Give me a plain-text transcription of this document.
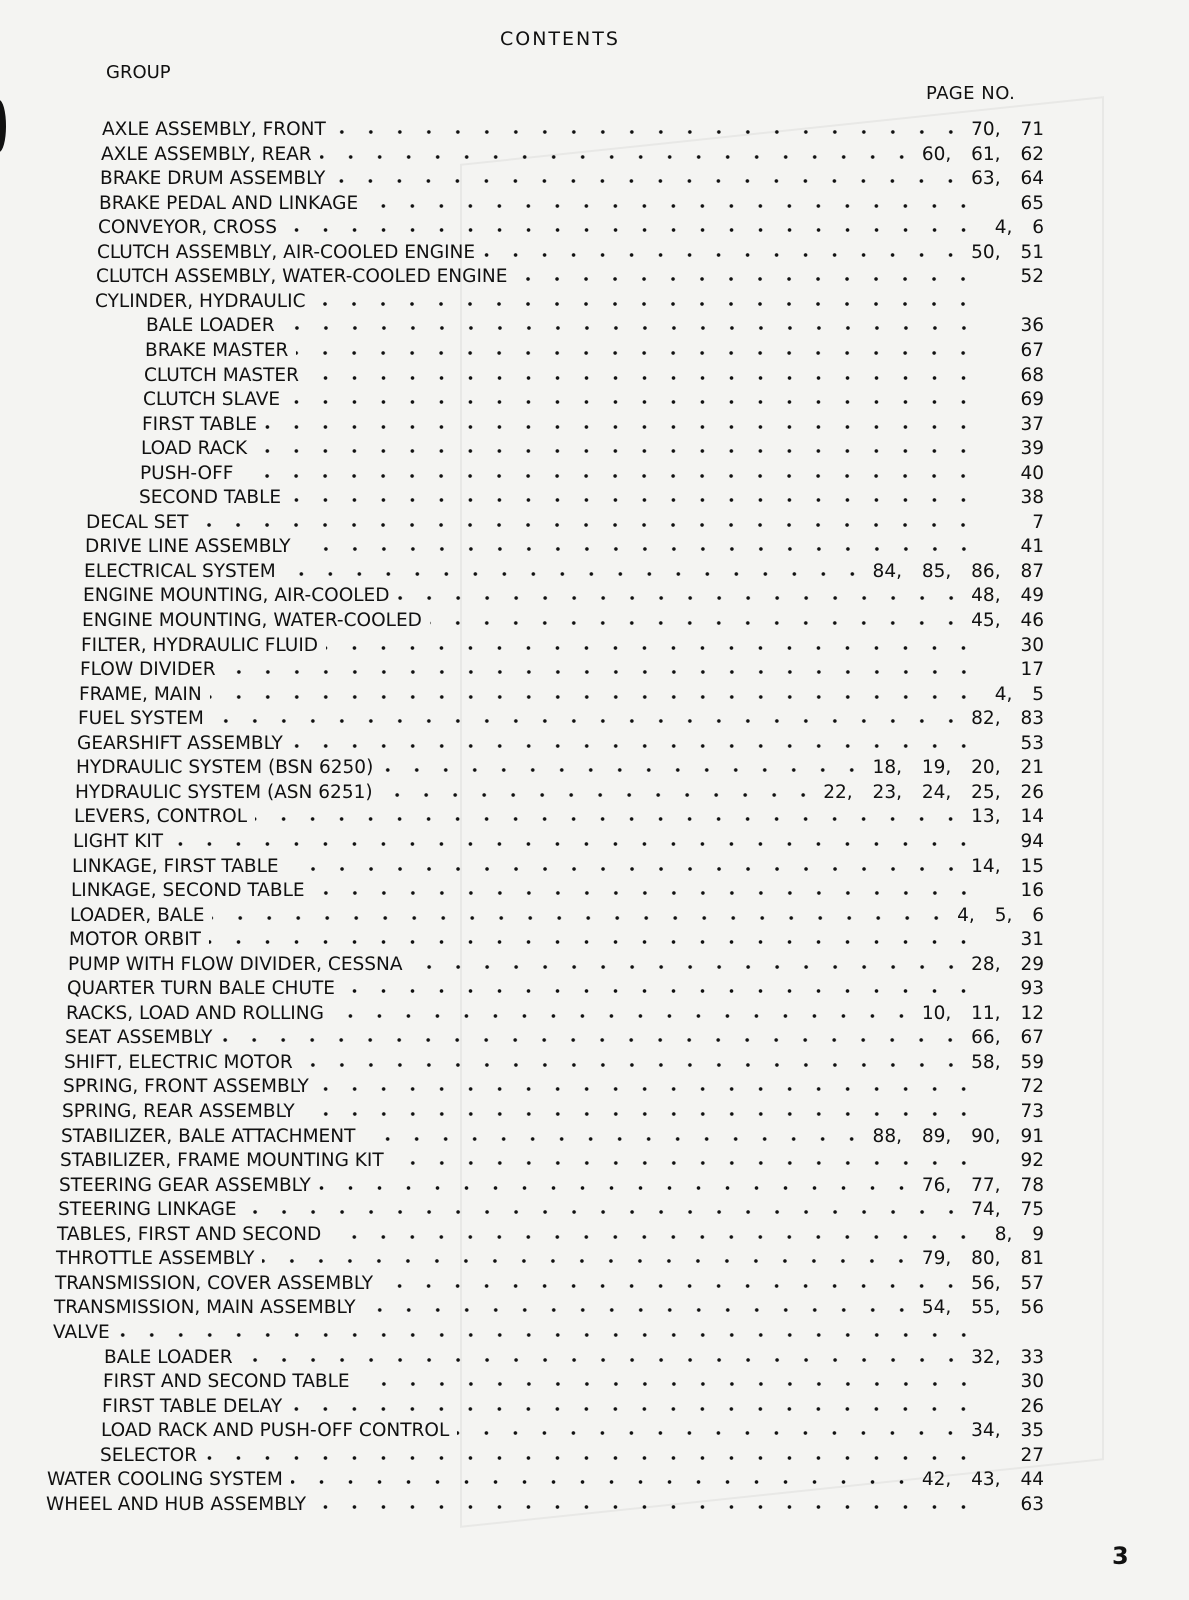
CONTENTS
GROUP
PAGE NO.
AXLE ASSEMBLY, FRONT	70, 71
AXLE ASSEMBLY, REAR	60, 61, 62
BRAKE DRUM ASSEMBLY	63, 64
BRAKE PEDAL AND LINKAGE	65
CONVEYOR, CROSS	4, 6
CLUTCH ASSEMBLY, AIR-COOLED ENGINE	50, 51
CLUTCH ASSEMBLY, WATER-COOLED ENGINE	52
CYLINDER, HYDRAULIC
BALE LOADER	36
BRAKE MASTER	67
CLUTCH MASTER	68
CLUTCH SLAVE	69
FIRST TABLE	37
LOAD RACK	39
PUSH-OFF	40
SECOND TABLE	38
DECAL SET	7
DRIVE LINE ASSEMBLY	41
ELECTRICAL SYSTEM	84, 85, 86, 87
ENGINE MOUNTING, AIR-COOLED	48, 49
ENGINE MOUNTING, WATER-COOLED	45, 46
FILTER, HYDRAULIC FLUID	30
FLOW DIVIDER	17
FRAME, MAIN	4, 5
FUEL SYSTEM	82, 83
GEARSHIFT ASSEMBLY	53
HYDRAULIC SYSTEM (BSN 6250)	18, 19, 20, 21
HYDRAULIC SYSTEM (ASN 6251)	22, 23, 24, 25, 26
LEVERS, CONTROL	13, 14
LIGHT KIT	94
LINKAGE, FIRST TABLE	14, 15
LINKAGE, SECOND TABLE	16
LOADER, BALE	4, 5, 6
MOTOR ORBIT	31
PUMP WITH FLOW DIVIDER, CESSNA	28, 29
QUARTER TURN BALE CHUTE	93
RACKS, LOAD AND ROLLING	10, 11, 12
SEAT ASSEMBLY	66, 67
SHIFT, ELECTRIC MOTOR	58, 59
SPRING, FRONT ASSEMBLY	72
SPRING, REAR ASSEMBLY	73
STABILIZER, BALE ATTACHMENT	88, 89, 90, 91
STABILIZER, FRAME MOUNTING KIT	92
STEERING GEAR ASSEMBLY	76, 77, 78
STEERING LINKAGE	74, 75
TABLES, FIRST AND SECOND	8, 9
THROTTLE ASSEMBLY	79, 80, 81
TRANSMISSION, COVER ASSEMBLY	56, 57
TRANSMISSION, MAIN ASSEMBLY	54, 55, 56
VALVE
BALE LOADER	32, 33
FIRST AND SECOND TABLE	30
FIRST TABLE DELAY	26
LOAD RACK AND PUSH-OFF CONTROL	34, 35
SELECTOR	27
WATER COOLING SYSTEM	42, 43, 44
WHEEL AND HUB ASSEMBLY	63
3
